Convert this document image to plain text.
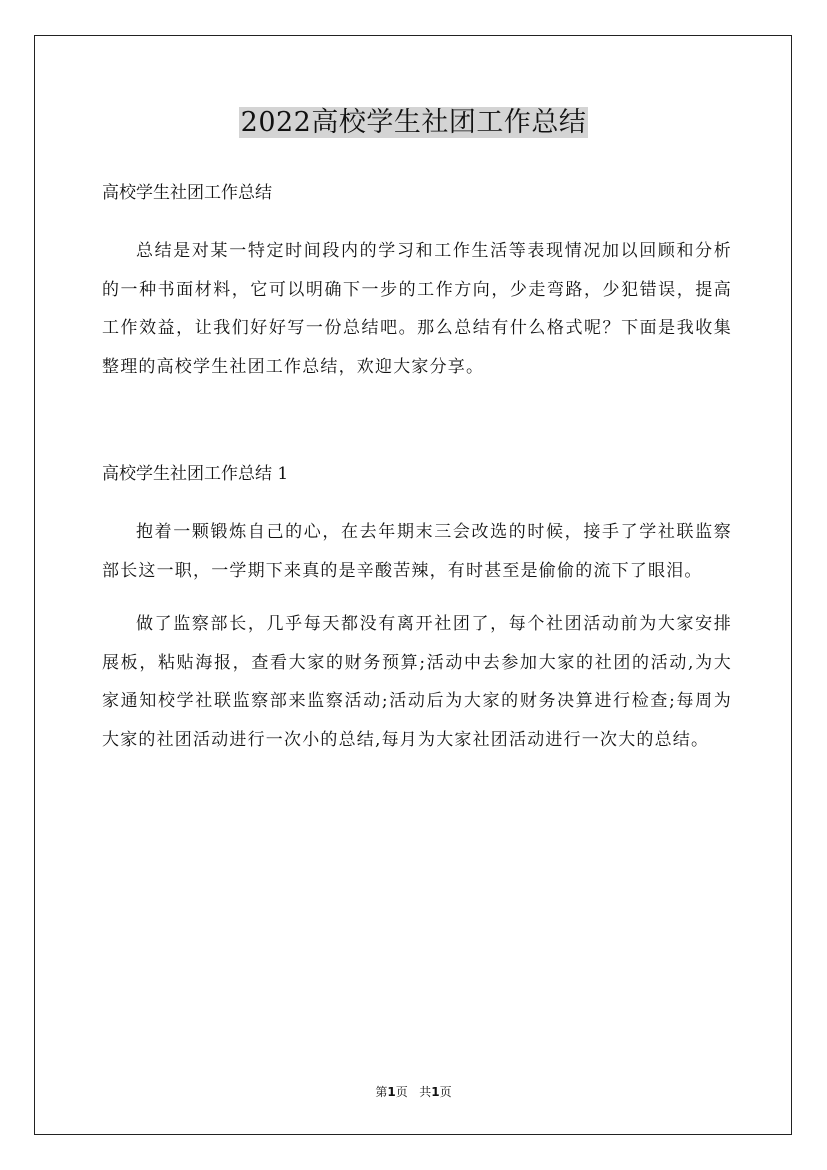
2022高校学生社团工作总结

高校学生社团工作总结

总结是对某一特定时间段内的学习和工作生活等表现情况加以回顾和分析的一种书面材料，它可以明确下一步的工作方向，少走弯路，少犯错误，提高工作效益，让我们好好写一份总结吧。那么总结有什么格式呢？下面是我收集整理的高校学生社团工作总结，欢迎大家分享。

高校学生社团工作总结 1

抱着一颗锻炼自己的心，在去年期末三会改选的时候，接手了学社联监察部长这一职，一学期下来真的是辛酸苦辣，有时甚至是偷偷的流下了眼泪。

做了监察部长，几乎每天都没有离开社团了，每个社团活动前为大家安排展板，粘贴海报，查看大家的财务预算;活动中去参加大家的社团的活动,为大家通知校学社联监察部来监察活动;活动后为大家的财务决算进行检查;每周为大家的社团活动进行一次小的总结,每月为大家社团活动进行一次大的总结。

第1页 共1页
